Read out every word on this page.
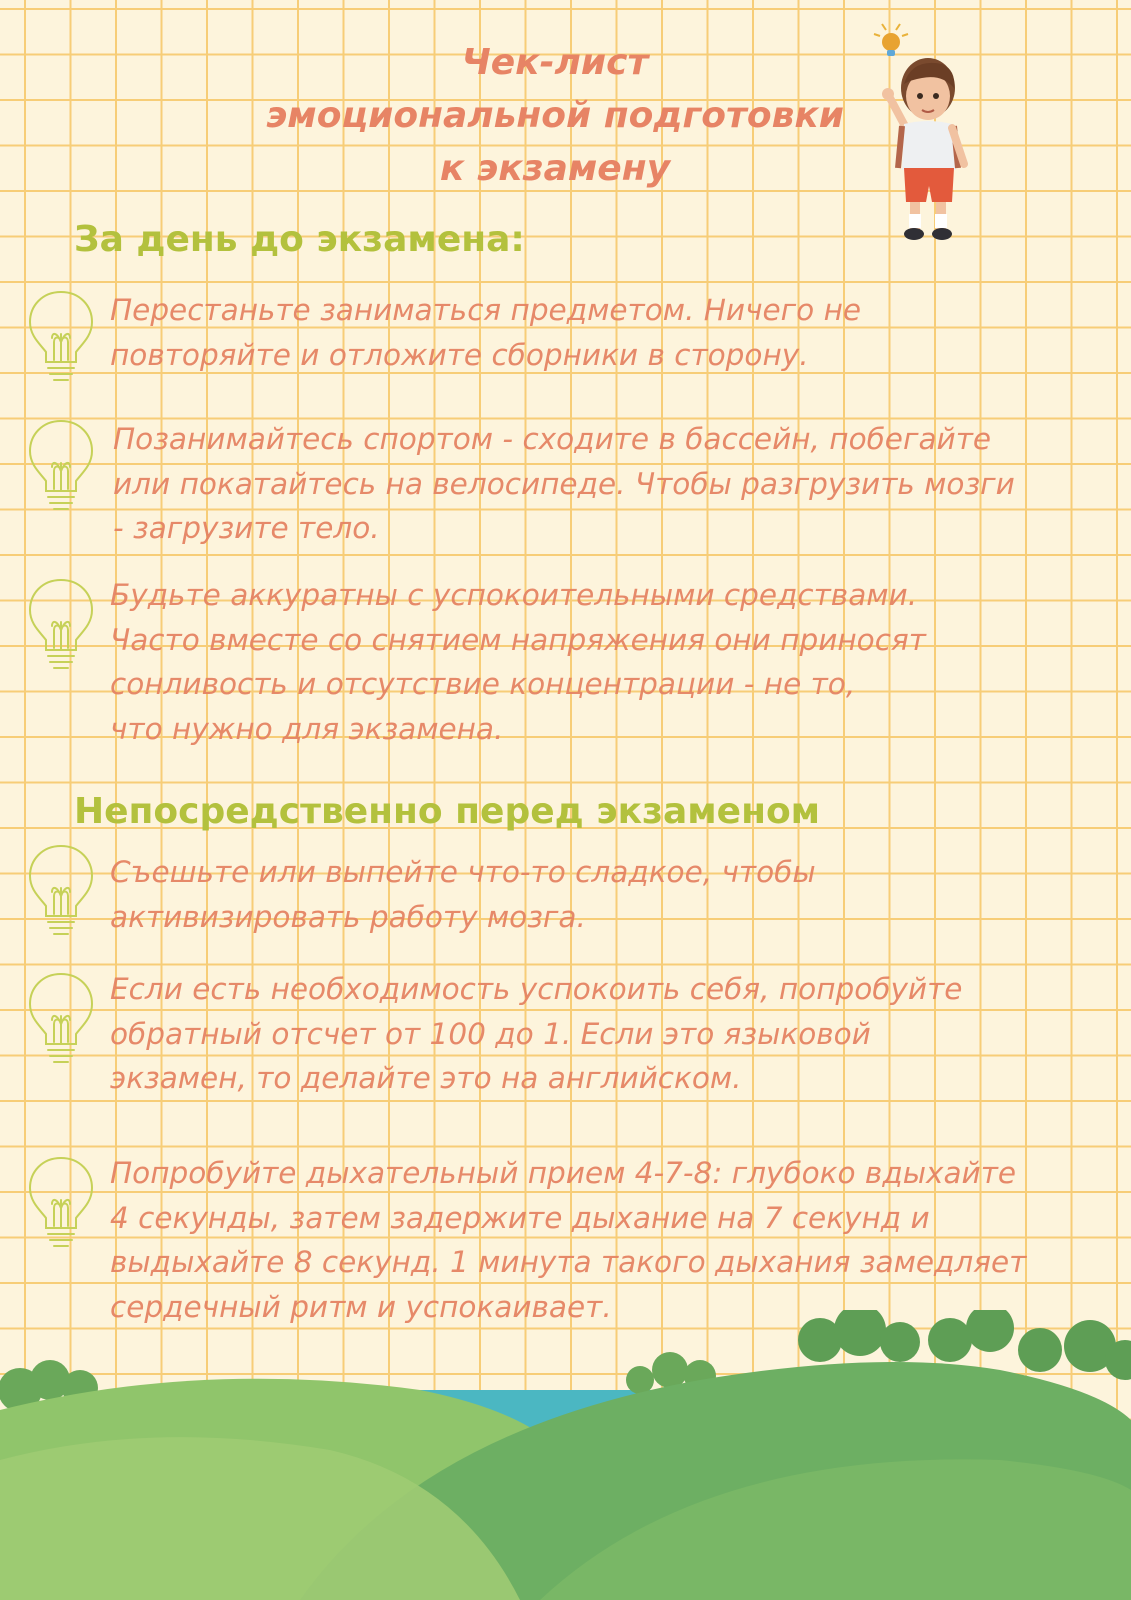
Чек-лист
эмоциональной подготовки
к экзамену
За день до экзамена:

Перестаньте заниматься предметом. Ничего не
повторяйте и отложите сборники в сторону.

Позанимайтесь спортом - сходите в бассейн, побегайте
или покатайтесь на велосипеде. Чтобы разгрузить мозги
- загрузите тело.

Будьте аккуратны с успокоительными средствами.
Часто вместе со снятием напряжения они приносят
сонливость и отсутствие концентрации - не то,
что нужно для экзамена.

Непосредственно перед экзаменом

Съешьте или выпейте что-то сладкое, чтобы
активизировать работу мозга.

Если есть необходимость успокоить себя, попробуйте
обратный отсчет от 100 до 1. Если это языковой
экзамен, то делайте это на английском.

Попробуйте дыхательный прием 4-7-8: глубоко вдыхайте
4 секунды, затем задержите дыхание на 7 секунд и
выдыхайте 8 секунд. 1 минута такого дыхания замедляет
сердечный ритм и успокаивает.
